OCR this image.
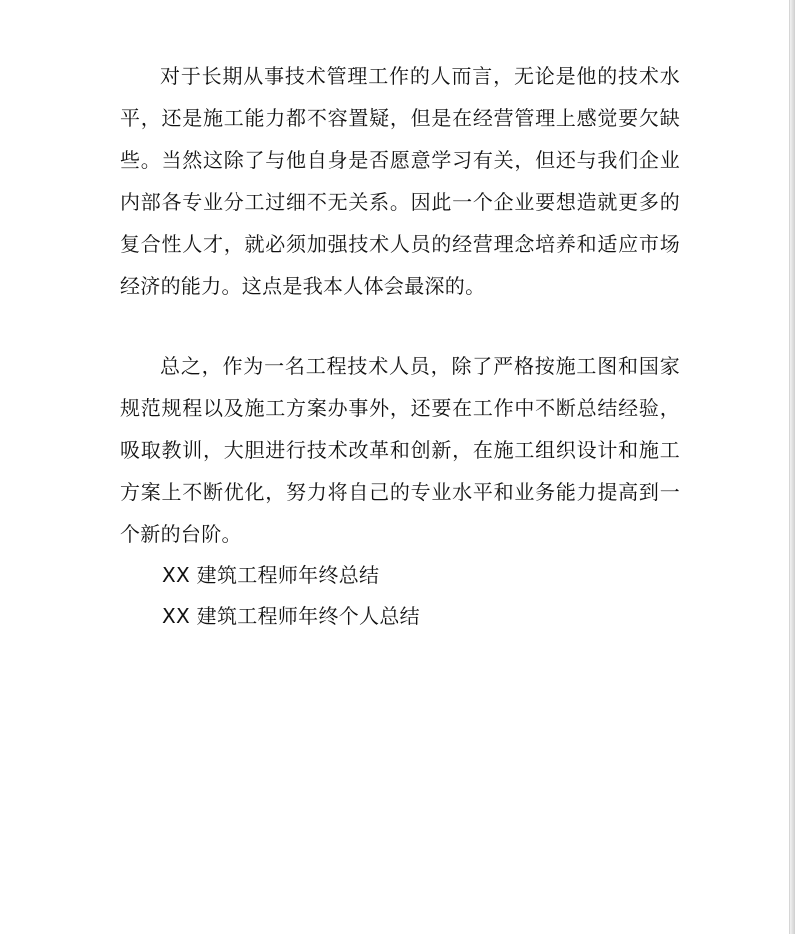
对于长期从事技术管理工作的人而言，无论是他的技术水平，还是施工能力都不容置疑，但是在经营管理上感觉要欠缺些。当然这除了与他自身是否愿意学习有关，但还与我们企业内部各专业分工过细不无关系。因此一个企业要想造就更多的复合性人才，就必须加强技术人员的经营理念培养和适应市场经济的能力。这点是我本人体会最深的。

总之，作为一名工程技术人员，除了严格按施工图和国家规范规程以及施工方案办事外，还要在工作中不断总结经验，吸取教训，大胆进行技术改革和创新，在施工组织设计和施工方案上不断优化，努力将自己的专业水平和业务能力提高到一个新的台阶。

XX 建筑工程师年终总结

XX 建筑工程师年终个人总结
